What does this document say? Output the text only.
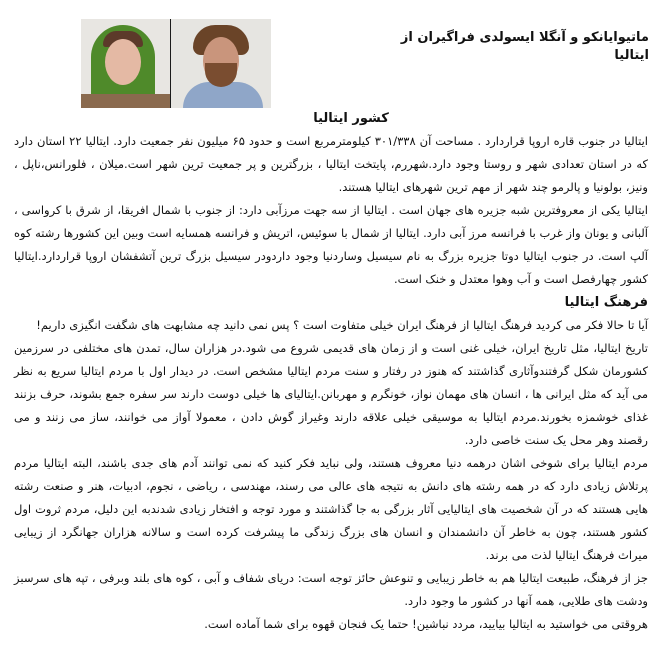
ماتیوایانکو و آنگلا ایسولدی فراگیران از ایتالیا
کشور ایتالیا

ایتالیا در جنوب قاره اروپا قراردارد . مساحت آن ۳۰۱/۳۳۸ کیلومترمربع است و حدود ۶۵ میلیون نفر جمعیت دارد. ایتالیا ۲۲ استان دارد که در استان تعدادی شهر و روستا وجود دارد.شهررم، پایتخت ایتالیا ، بزرگترین و پر جمعیت ترین شهر است.میلان ، فلورانس،ناپل ، ونیز، بولونیا و پالرمو چند شهر از مهم ترین شهرهای ایتالیا هستند.

ایتالیا یکی از معروفترین شبه جزیره های جهان است . ایتالیا از سه جهت مرزآبی دارد: از جنوب با شمال افریقا، از شرق با کرواسی ، آلبانی و یونان واز غرب با فرانسه مرز آبی دارد. ایتالیا از شمال با سوئیس، اتریش و فرانسه همسایه است وبین این کشورها رشته کوه آلپ است. در جنوب ایتالیا دوتا جزیره بزرگ به نام سیسیل وساردنیا وجود داردودر سیسیل بزرگ ترین آتشفشان اروپا قراردارد.ایتالیا کشور چهارفصل است و آب وهوا معتدل و خنک است.

فرهنگ ایتالیا

آیا تا حالا فکر می کردید فرهنگ ایتالیا از فرهنگ ایران خیلی متفاوت است ؟ پس نمی دانید چه مشابهت های شگفت انگیزی داریم!

تاریخ ایتالیا، مثل تاریخ ایران، خیلی غنی است و از زمان های قدیمی شروع می شود.در هزاران سال، تمدن های مختلفی در سرزمین کشورمان شکل گرفتندوآثاری گذاشتند که هنوز در رفتار و سنت مردم ایتالیا مشخص است. در دیدار اول با مردم ایتالیا سریع به نظر می آید که مثل ایرانی ها ، انسان های مهمان نواز، خونگرم و مهربانن.ایتالیای ها خیلی دوست دارند سر سفره جمع بشوند، حرف بزنند غذای خوشمزه بخورند.مردم ایتالیا به موسیقی خیلی علاقه دارند وغیراز گوش دادن ، معمولا آواز می خوانند، ساز می زنند و می رقصند وهر محل یک سنت خاصی دارد.

مردم ایتالیا برای شوخی اشان درهمه دنیا معروف هستند، ولی نباید فکر کنید که نمی توانند آدم های جدی باشند، البته ایتالیا مردم پرتلاش زیادی دارد که در همه رشته های دانش به نتیجه های عالی می رسند، مهندسی ، ریاضی ، نجوم، ادبیات، هنر و صنعت رشته هایی هستند که در آن شخصیت های ایتالیایی آثار بزرگی به جا گذاشتند و مورد توجه و افتخار زیادی شدندبه این دلیل، مردم ثروت اول کشور هستند، چون به خاطر آن دانشمندان و انسان های بزرگ زندگی ما پیشرفت کرده است و سالانه هزاران جهانگرد از زیبایی میراث فرهنگ ایتالیا لذت می برند.

جز از فرهنگ، طبیعت ایتالیا هم به خاطر زیبایی و تنوعش حائز توجه است: دریای شفاف و آبی ، کوه های بلند وبرفی ، تپه های سرسبز ودشت های طلایی، همه آنها در کشور ما وجود دارد.

هروقتی می خواستید به ایتالیا بیایید، مردد نباشین! حتما یک فنجان قهوه برای شما آماده است.
